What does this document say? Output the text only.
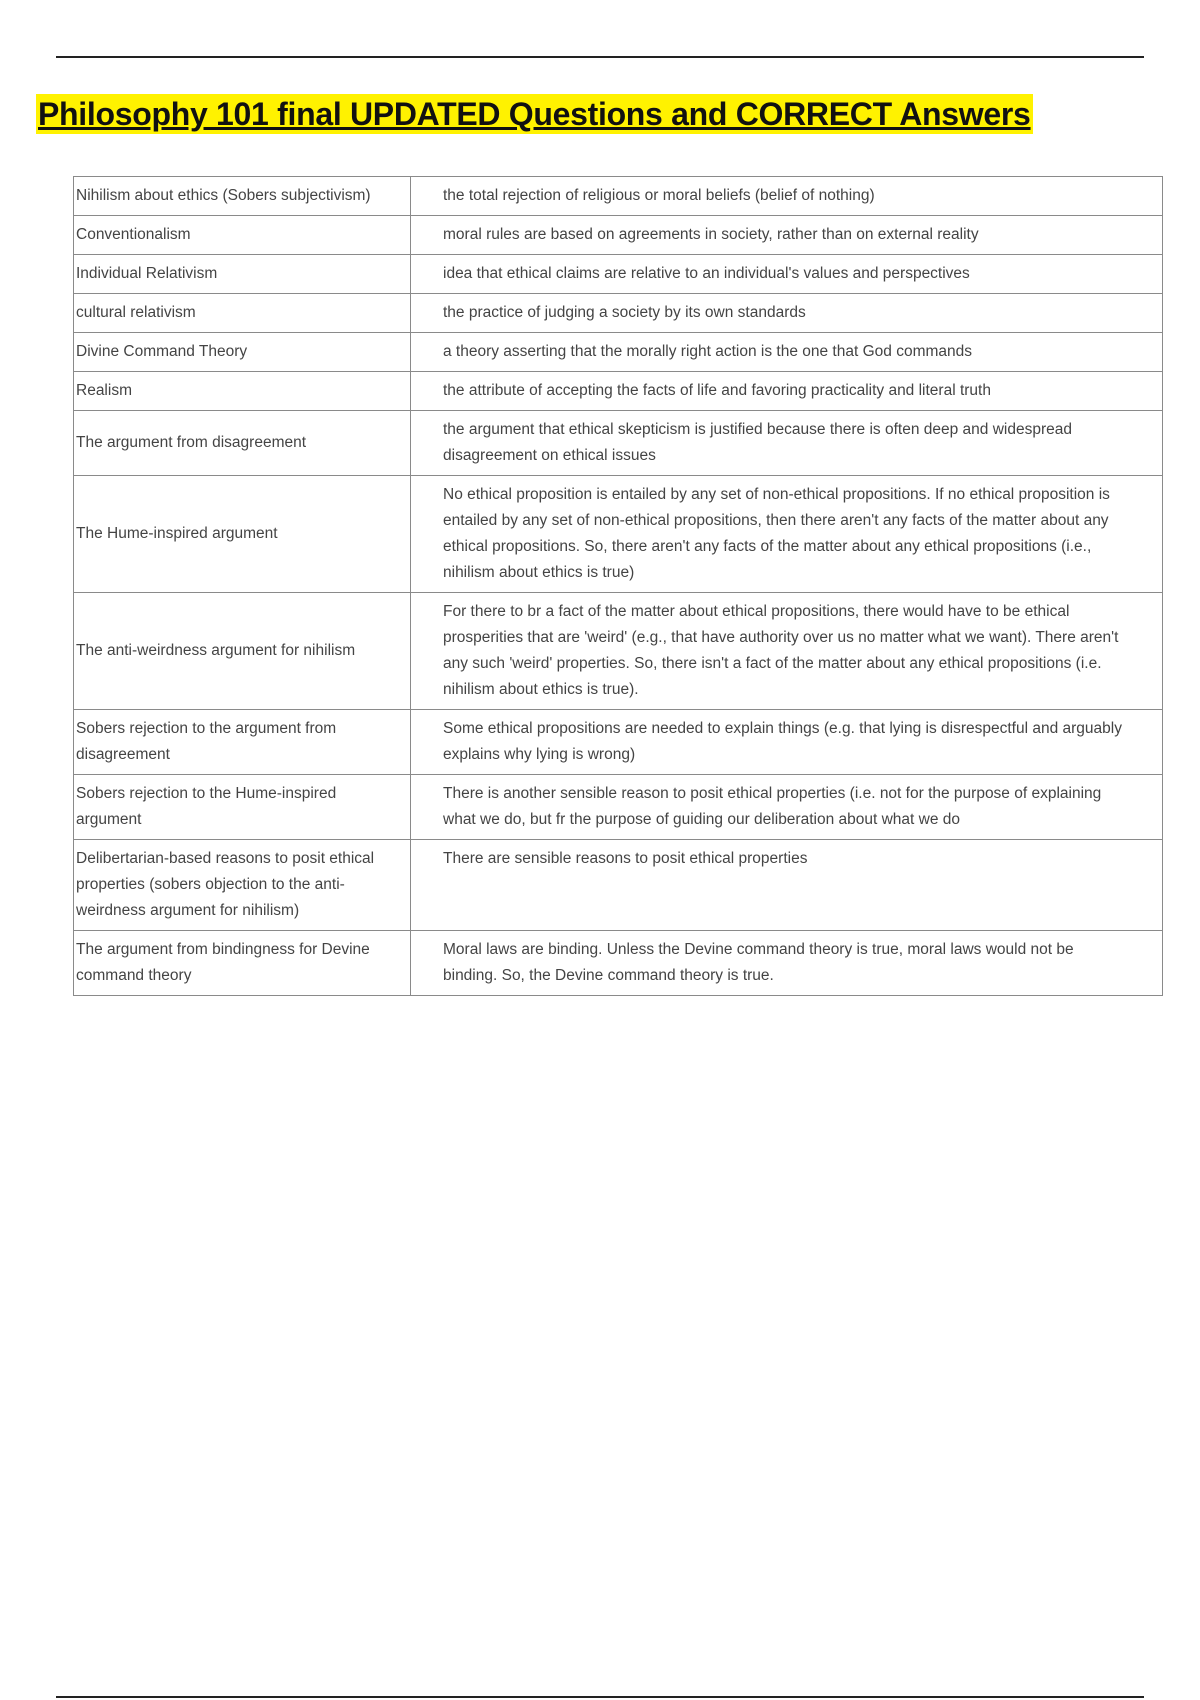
Philosophy 101 final UPDATED Questions and CORRECT Answers
Nihilism about ethics (Sobers subjectivism)	the total rejection of religious or moral beliefs (belief of nothing)
Conventionalism	moral rules are based on agreements in society, rather than on external reality
Individual Relativism	idea that ethical claims are relative to an individual's values and perspectives
cultural relativism	the practice of judging a society by its own standards
Divine Command Theory	a theory asserting that the morally right action is the one that God commands
Realism	the attribute of accepting the facts of life and favoring practicality and literal truth
The argument from disagreement	the argument that ethical skepticism is justified because there is often deep and widespread disagreement on ethical issues
The Hume-inspired argument	No ethical proposition is entailed by any set of non-ethical propositions. If no ethical proposition is entailed by any set of non-ethical propositions, then there aren't any facts of the matter about any ethical propositions. So, there aren't any facts of the matter about any ethical propositions (i.e., nihilism about ethics is true)
The anti-weirdness argument for nihilism	For there to br a fact of the matter about ethical propositions, there would have to be ethical prosperities that are 'weird' (e.g., that have authority over us no matter what we want). There aren't any such 'weird' properties. So, there isn't a fact of the matter about any ethical propositions (i.e. nihilism about ethics is true).
Sobers rejection to the argument from disagreement	Some ethical propositions are needed to explain things (e.g. that lying is disrespectful and arguably explains why lying is wrong)
Sobers rejection to the Hume-inspired argument	There is another sensible reason to posit ethical properties (i.e. not for the purpose of explaining what we do, but fr the purpose of guiding our deliberation about what we do
Delibertarian-based reasons to posit ethical properties (sobers objection to the anti-weirdness argument for nihilism)	There are sensible reasons to posit ethical properties
The argument from bindingness for Devine command theory	Moral laws are binding. Unless the Devine command theory is true, moral laws would not be binding. So, the Devine command theory is true.
